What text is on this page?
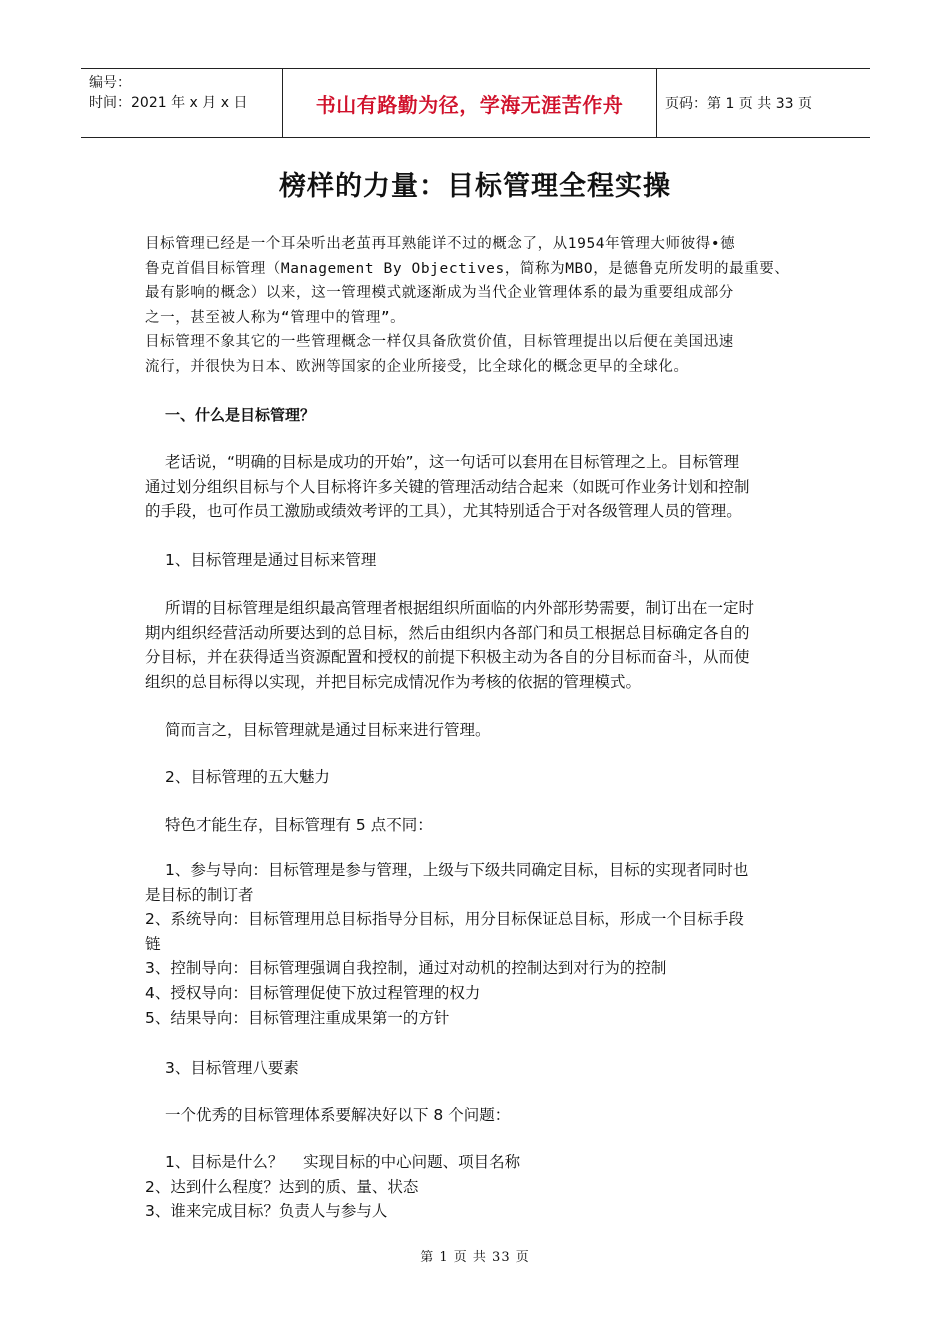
编号：
时间：2021 年 x 月 x 日	书山有路勤为径，学海无涯苦作舟	页码：第 1 页 共 33 页
榜样的力量：目标管理全程实操

目标管理已经是一个耳朵听出老茧再耳熟能详不过的概念了，从1954年管理大师彼得•德

鲁克首倡目标管理（Management By Objectives，简称为MBO，是德鲁克所发明的最重要、

最有影响的概念）以来，这一管理模式就逐渐成为当代企业管理体系的最为重要组成部分

之一，甚至被人称为“管理中的管理”。

目标管理不象其它的一些管理概念一样仅具备欣赏价值，目标管理提出以后便在美国迅速

流行，并很快为日本、欧洲等国家的企业所接受，比全球化的概念更早的全球化。

一、什么是目标管理？

老话说，“明确的目标是成功的开始”，这一句话可以套用在目标管理之上。目标管理

通过划分组织目标与个人目标将许多关键的管理活动结合起来（如既可作业务计划和控制

的手段，也可作员工激励或绩效考评的工具），尤其特别适合于对各级管理人员的管理。

1、目标管理是通过目标来管理

所谓的目标管理是组织最高管理者根据组织所面临的内外部形势需要，制订出在一定时

期内组织经营活动所要达到的总目标，然后由组织内各部门和员工根据总目标确定各自的

分目标，并在获得适当资源配置和授权的前提下积极主动为各自的分目标而奋斗，从而使

组织的总目标得以实现，并把目标完成情况作为考核的依据的管理模式。

简而言之，目标管理就是通过目标来进行管理。
2、目标管理的五大魅力
特色才能生存，目标管理有 5 点不同：

1、参与导向：目标管理是参与管理，上级与下级共同确定目标，目标的实现者同时也

是目标的制订者

2、系统导向：目标管理用总目标指导分目标，用分目标保证总目标，形成一个目标手段

链

3、控制导向：目标管理强调自我控制，通过对动机的控制达到对行为的控制

4、授权导向：目标管理促使下放过程管理的权力

5、结果导向：目标管理注重成果第一的方针

3、目标管理八要素
一个优秀的目标管理体系要解决好以下 8 个问题：

1、目标是什么？    实现目标的中心问题、项目名称

2、达到什么程度？达到的质、量、状态

3、谁来完成目标？负责人与参与人

第 1 页 共 33 页
